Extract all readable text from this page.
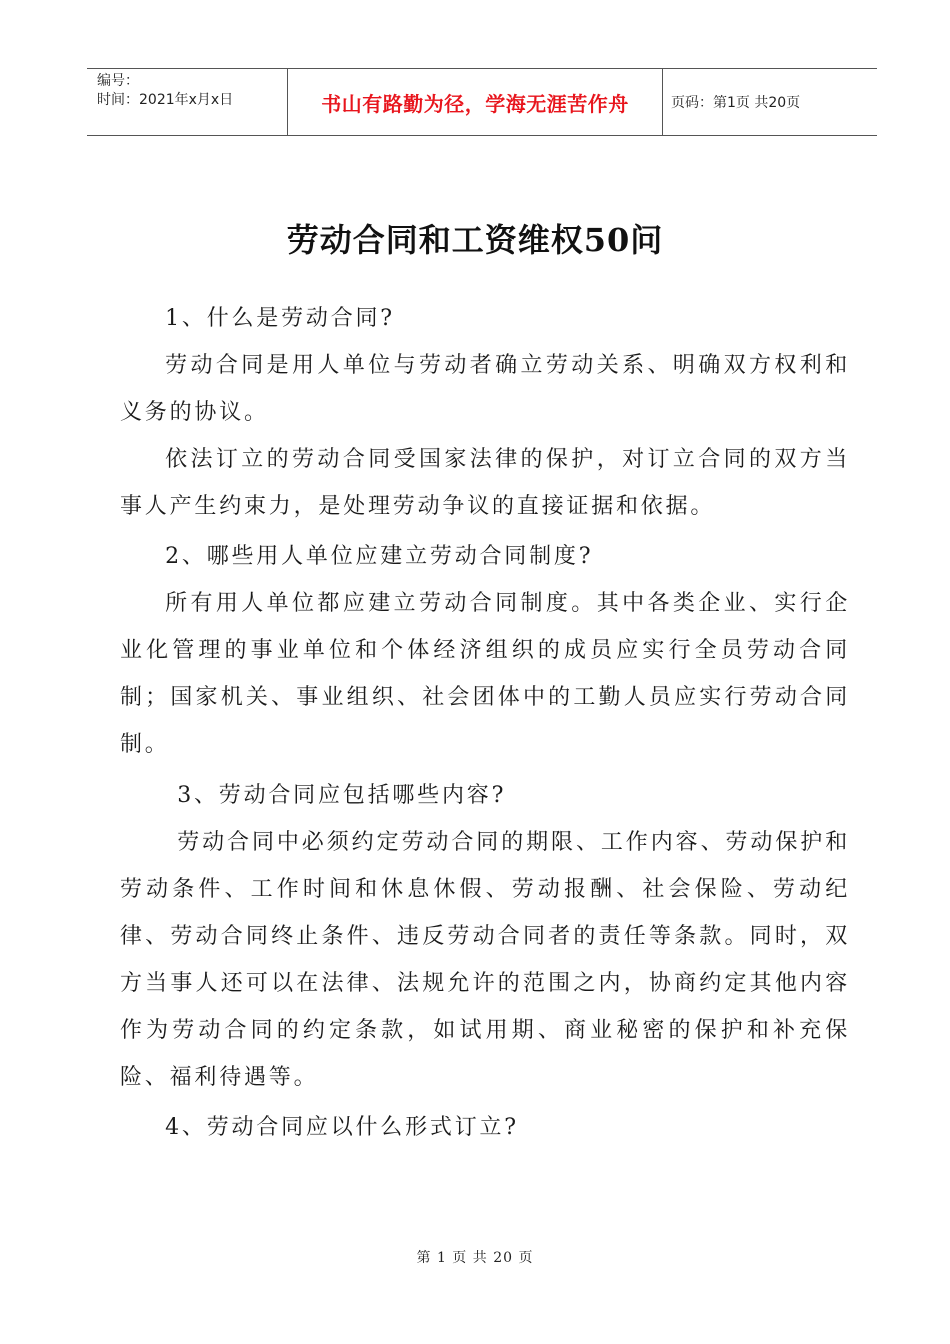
编号：
时间：2021年x月x日	书山有路勤为径，学海无涯苦作舟	页码：第1页 共20页
劳动合同和工资维权50问

1、什么是劳动合同?

劳动合同是用人单位与劳动者确立劳动关系、明确双方权利和义务的协议。

依法订立的劳动合同受国家法律的保护，对订立合同的双方当事人产生约束力，是处理劳动争议的直接证据和依据。

2、哪些用人单位应建立劳动合同制度?

所有用人单位都应建立劳动合同制度。其中各类企业、实行企业化管理的事业单位和个体经济组织的成员应实行全员劳动合同制；国家机关、事业组织、社会团体中的工勤人员应实行劳动合同制。

3、劳动合同应包括哪些内容?

劳动合同中必须约定劳动合同的期限、工作内容、劳动保护和劳动条件、工作时间和休息休假、劳动报酬、社会保险、劳动纪律、劳动合同终止条件、违反劳动合同者的责任等条款。同时，双方当事人还可以在法律、法规允许的范围之内，协商约定其他内容作为劳动合同的约定条款，如试用期、商业秘密的保护和补充保险、福利待遇等。

4、劳动合同应以什么形式订立?

第 1 页 共 20 页
